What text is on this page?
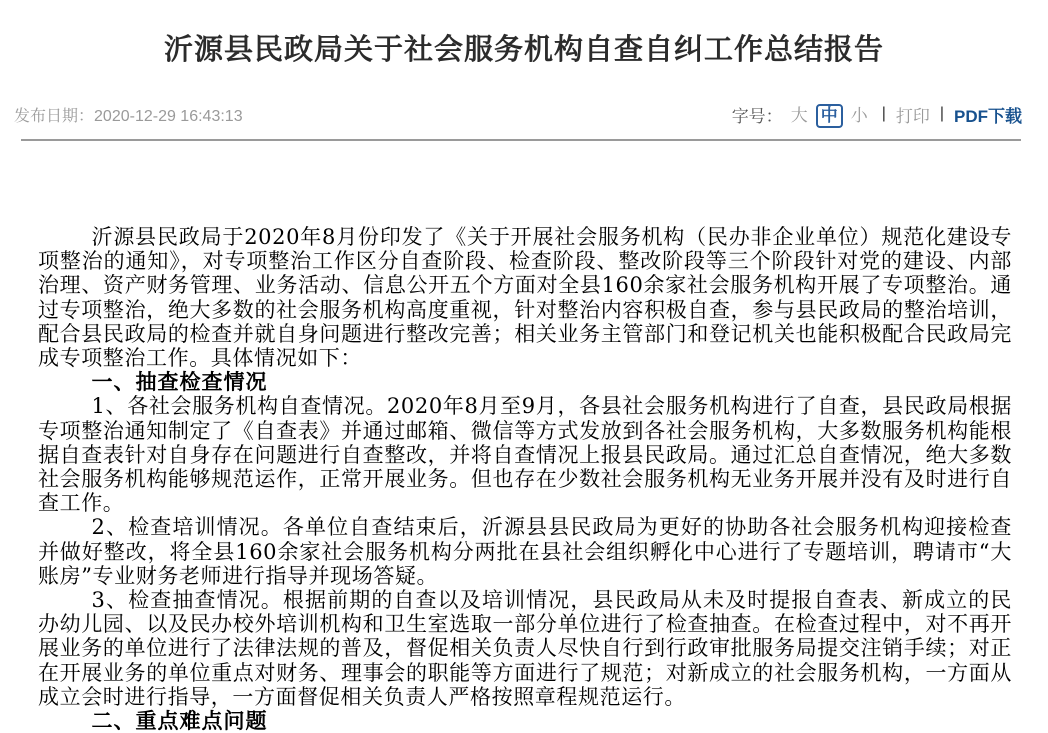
沂源县民政局关于社会服务机构自查自纠工作总结报告
发布日期：2020-12-29 16:43:13	字号： 大 中 小 | 打印 | PDF下载

沂源县民政局于2020年8月份印发了《关于开展社会服务机构（民办非企业单位）规范化建设专项整治的通知》，对专项整治工作区分自查阶段、检查阶段、整改阶段等三个阶段针对党的建设、内部治理、资产财务管理、业务活动、信息公开五个方面对全县160余家社会服务机构开展了专项整治。通过专项整治，绝大多数的社会服务机构高度重视，针对整治内容积极自查，参与县民政局的整治培训，配合县民政局的检查并就自身问题进行整改完善；相关业务主管部门和登记机关也能积极配合民政局完成专项整治工作。具体情况如下：

一、抽查检查情况

1、各社会服务机构自查情况。2020年8月至9月，各县社会服务机构进行了自查，县民政局根据专项整治通知制定了《自查表》并通过邮箱、微信等方式发放到各社会服务机构，大多数服务机构能根据自查表针对自身存在问题进行自查整改，并将自查情况上报县民政局。通过汇总自查情况，绝大多数社会服务机构能够规范运作，正常开展业务。但也存在少数社会服务机构无业务开展并没有及时进行自查工作。

2、检查培训情况。各单位自查结束后，沂源县县民政局为更好的协助各社会服务机构迎接检查并做好整改，将全县160余家社会服务机构分两批在县社会组织孵化中心进行了专题培训，聘请市“大账房”专业财务老师进行指导并现场答疑。

3、检查抽查情况。根据前期的自查以及培训情况，县民政局从未及时提报自查表、新成立的民办幼儿园、以及民办校外培训机构和卫生室选取一部分单位进行了检查抽查。在检查过程中，对不再开展业务的单位进行了法律法规的普及，督促相关负责人尽快自行到行政审批服务局提交注销手续；对正在开展业务的单位重点对财务、理事会的职能等方面进行了规范；对新成立的社会服务机构，一方面从成立会时进行指导，一方面督促相关负责人严格按照章程规范运行。

二、重点难点问题
